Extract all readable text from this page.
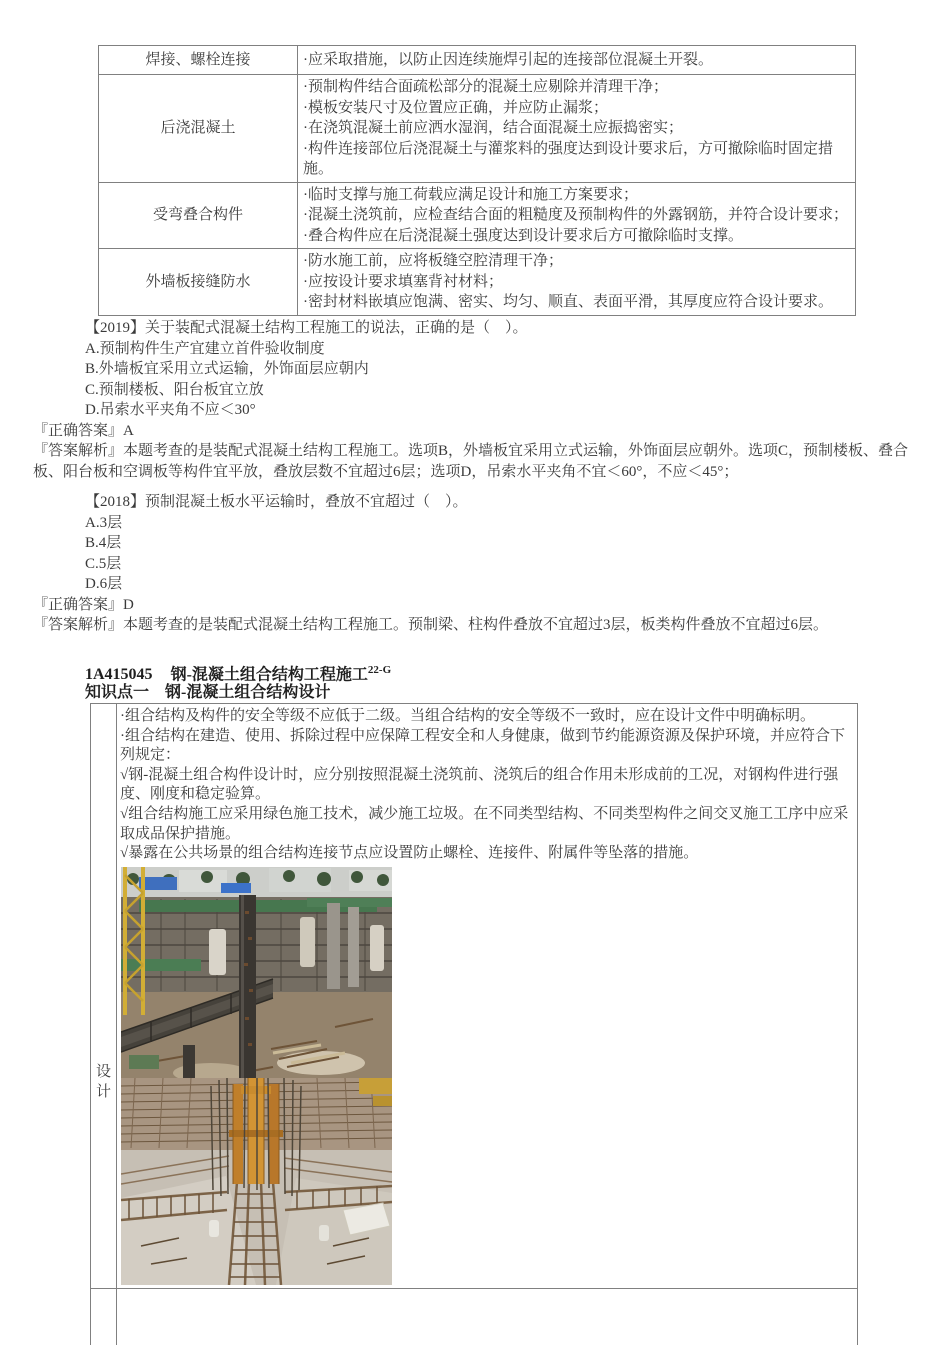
焊接、螺栓连接	·应采取措施，以防止因连续施焊引起的连接部位混凝土开裂。

后浇混凝土	·预制构件结合面疏松部分的混凝土应剔除并清理干净；
·模板安装尺寸及位置应正确，并应防止漏浆；
·在浇筑混凝土前应洒水湿润，结合面混凝土应振捣密实；
·构件连接部位后浇混凝土与灌浆料的强度达到设计要求后，方可撤除临时固定措施。

受弯叠合构件	·临时支撑与施工荷载应满足设计和施工方案要求；
·混凝土浇筑前，应检查结合面的粗糙度及预制构件的外露钢筋，并符合设计要求；
·叠合构件应在后浇混凝土强度达到设计要求后方可撤除临时支撑。

外墙板接缝防水	·防水施工前，应将板缝空腔清理干净；
·应按设计要求填塞背衬材料；
·密封材料嵌填应饱满、密实、均匀、顺直、表面平滑，其厚度应符合设计要求。
【2019】关于装配式混凝土结构工程施工的说法，正确的是（　）。
A.预制构件生产宜建立首件验收制度
B.外墙板宜采用立式运输，外饰面层应朝内
C.预制楼板、阳台板宜立放
D.吊索水平夹角不应＜30°
『正确答案』A
『答案解析』本题考查的是装配式混凝土结构工程施工。选项B，外墙板宜采用立式运输，外饰面层应朝外。选项C，预制楼板、叠合板、阳台板和空调板等构件宜平放，叠放层数不宜超过6层；选项D，吊索水平夹角不宜＜60°，不应＜45°；
【2018】预制混凝土板水平运输时，叠放不宜超过（　）。
A.3层
B.4层
C.5层
D.6层
『正确答案』D
『答案解析』本题考查的是装配式混凝土结构工程施工。预制梁、柱构件叠放不宜超过3层，板类构件叠放不宜超过6层。
1A415045 钢-混凝土组合结构工程施工$^{22-G}$
知识点一 钢-混凝土组合结构设计
设计
·组合结构及构件的安全等级不应低于二级。当组合结构的安全等级不一致时，应在设计文件中明确标明。
·组合结构在建造、使用、拆除过程中应保障工程安全和人身健康，做到节约能源资源及保护环境，并应符合下列规定：
√钢-混凝土组合构件设计时，应分别按照混凝土浇筑前、浇筑后的组合作用未形成前的工况，对钢构件进行强度、刚度和稳定验算。
√组合结构施工应采用绿色施工技术，减少施工垃圾。在不同类型结构、不同类型构件之间交叉施工工序中应采取成品保护措施。
√暴露在公共场景的组合结构连接节点应设置防止螺栓、连接件、附属件等坠落的措施。
